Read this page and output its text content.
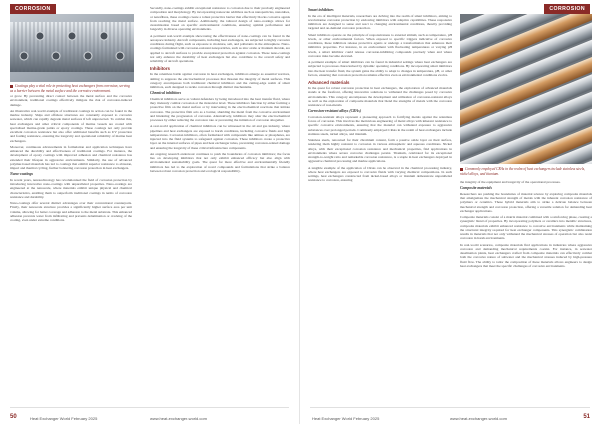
CORROSION
Coatings play a vital role in protecting heat exchangers from corrosion, serving as a barrier between the metal surface and the corrosive environment.

or grow. By preventing direct contact between the metal surface and the corrosive environment, traditional coatings effectively mitigate the risk of corrosion-induced damage.

An illustrative real-world example of traditional coatings in action can be found in the marine industry. Ships and offshore structures are constantly exposed to corrosive seawater, which can rapidly degrade metal surfaces if left unprotected. To combat this, heat exchangers and other critical components of marine vessels are coated with specialised marine-grade paints or epoxy coatings. These coatings not only provide excellent corrosion resistance but also offer additional benefits such as UV protection and fouling resistance, ensuring the longevity and operational reliability of marine heat exchangers.

Moreover, continuous advancements in formulation and application techniques have enhanced the durability and effectiveness of traditional coatings. For instance, the development of epoxy coatings with improved adhesion and chemical resistance has extended their lifespan in aggressive environments. Similarly, the use of advanced polymer-based materials has led to coatings that exhibit superior resistance to abrasion, impact and thermal cycling, further bolstering corrosion protection in heat exchangers.

Nano-coatings

In recent years, nanotechnology has revolutionised the field of corrosion protection by introducing innovative nano-coatings with unparalleled properties. Nano-coatings are engineered at the nanoscale, where materials exhibit unique physical and chemical characteristics, enabling them to outperform traditional coatings in terms of corrosion resistance and durability.

Nano-coatings offer several distinct advantages over their conventional counterparts. Firstly, their nanoscale structure provides a significantly higher surface area per unit volume, allowing for better coverage and adhesion to the metal substrate. This enhanced adhesion prevents water from infiltrating and prevents delamination or cracking of the coating, even under extreme conditions.

Secondly, nano-coatings exhibit exceptional resistance to corrosion due to their precisely engineered composition and morphology. By incorporating nanoscale additives such as nanoparticles, nanotubes, or nanofibres, these coatings create a robust protective barrier that effectively blocks corrosive agents from reaching the metal surface. Additionally, the tailored design of nano-coatings allows for customisation based on specific environmental conditions, ensuring optimal performance and longevity in diverse operating environments.

A pertinent real-world example showcasing the effectiveness of nano-coatings can be found in the aerospace industry. Aircraft components, including heat exchangers, are subjected to highly corrosive conditions during flight, such as exposure to moisture, salt, and pollutants in the atmosphere. Nano-coatings formulated with corrosion-resistant nanoparticles, such as zinc oxide or titanium dioxide, are applied to aircraft surfaces to provide exceptional protection against corrosion. These nano-coatings not only enhance the durability of heat exchangers but also contribute to the overall safety and reliability of aircraft operations.

Inhibitors

In the relentless battle against corrosion in heat exchangers, inhibitors emerge as essential warriors, aiming to suppress the electrochemical processes that threaten the integrity of metal surfaces. This category encompasses both traditional chemical inhibitors and the cutting-edge realm of smart inhibitors, each designed to tackle corrosion through distinct mechanisms.

Chemical inhibitors

Chemical inhibitors serve as valiant defenders by being introduced into the heat transfer fluid, where they tirelessly combat corrosion at the molecular level. These inhibitors function by either forming a protective film on the metal surface or by intervening in the electrochemical reactions that initiate corrosion. The protective film acts as a barrier, shielding the metal from the corrosive environment and hindering the progression of corrosion. Alternatively, inhibitors may alter the electrochemical processes by either reducing the corrosion rate or preventing the initiation of corrosion altogether.

A real-world application of chemical inhibitors can be witnessed in the oil and gas industry, where pipelines and heat exchangers are exposed to harsh conditions, including corrosive fluids and high temperatures. Corrosion inhibitors, often formulated with compounds like amines or phosphates, are injected into the fluid systems to safeguard against corrosion. These inhibitors create a protective layer on the internal surfaces of pipes and heat exchanger tubes, preventing corrosion-related damage and ensuring the longevity of these critical infrastructure components.

An ongoing research endeavour continues to push the boundaries of corrosion inhibitors; the focus lies on developing inhibitors that not only exhibit enhanced efficacy but also align with environmental sustainability goals. The quest for more effective and environmentally friendly inhibitors has led to the exploration of novel compounds and formulations that strike a balance between robust corrosion protection and ecological responsibility.

50	Heat Exchanger World February 2025	www.heat-exchanger-world.com
CORROSION
Smart inhibitors

In the era of intelligent materials, researchers are delving into the realm of smart inhibitors, aiming to revolutionise corrosion protection by endowing inhibitors with adaptive capabilities. These responsive inhibitors are designed to sense and react to changing environmental conditions, thereby providing targeted and on-demand corrosion protection.

Smart inhibitors operate on the principle of responsiveness to external stimuli, such as temperature, pH levels, or other environmental factors. When exposed to specific triggers indicative of corrosive conditions, these inhibitors release protective agents or undergo a transformation that enhances their inhibitive properties. For instance, in an environment with fluctuating temperatures or varying pH levels, a smart inhibitor could release corrosion-inhibiting compounds precisely when and where corrosion risks become elevated.

A pertinent example of smart inhibitors can be found in industrial settings where heat exchangers are subjected to processes characterised by dynamic operating conditions. By incorporating smart inhibitors into the heat transfer fluid, the system gains the ability to adapt to changes in temperature, pH, or other factors, ensuring that corrosion protection remains effective even as environmental conditions evolve.

Advanced materials

In the quest for robust corrosion protection in heat exchangers, the exploration of advanced materials stands at the forefront, offering innovative solutions to withstand the challenges posed by corrosive environments. This category encompasses the development and utilisation of corrosion-resistant alloys as well as the exploration of composite materials that blend the strengths of metals with the corrosion resistance of non-metals.

Corrosion-resistant alloys (CRAs)

Corrosion-resistant alloys represent a pioneering approach to fortifying metals against the relentless forces of corrosion. This involves the meticulous engineering of metal alloys with inherent resistance to specific corrosive environments, ensuring that the material can withstand exposure to aggressive substances over prolonged periods. Commonly employed CRAs in the realm of heat exchangers include stainless steels, nickel alloys, and titanium.

Stainless steels, renowned for their chromium content, form a passive oxide layer on their surface, rendering them highly resistant to corrosion in various atmospheric and aqueous conditions. Nickel alloys, with their exceptional corrosion resistance and mechanical properties, find applications in environments where severe corrosive challenges persist. Titanium, celebrated for its exceptional strength-to-weight ratio and remarkable corrosion resistance, is a staple in heat exchangers deployed in aggressive chemical processing and marine applications.

A tangible example of the application of CRAs can be observed in the chemical processing industry, where heat exchangers are exposed to corrosive fluids with varying chemical compositions. In such settings, heat exchangers constructed from nickel-based alloys or titanium demonstrate unparalleled resistance to corrosion, ensuring

Commonly employed CRAs in the realm of heat exchangers include stainless steels, nickel alloys, and titanium.

the integrity of the equipment and longevity of the operational processes.

Composite materials

Researchers are pushing the boundaries of material science by exploring composite materials that amalgamate the mechanical strength of metals with the inherent corrosion resistance of polymers or ceramics. These hybrid materials aim to strike a delicate balance between mechanical strength and corrosion protection, offering a versatile solution for demanding heat exchanger applications.

Composite materials consist of a matrix material combined with a reinforcing phase, creating a synergistic blend of properties. By incorporating polymers or ceramics into metallic structures, composite materials exhibit enhanced resistance to corrosive environments while maintaining the structural integrity required for heat exchanger components. This synergistic combination results in materials that not only withstand the mechanical stresses of operation but also resist corrosion in harsh environments.

In real-world scenarios, composite materials find applications in industries where aggressive corrosion and demanding mechanical requirements coexist. For instance, in seawater desalination plants, heat exchangers crafted from composite materials can effectively combat both the corrosive nature of saltwater and the mechanical stresses induced by high-pressure fluid flow. The ability to tailor the composition of these materials allows engineers to design heat exchangers that meet the specific challenges of corrosive environments.

Heat Exchanger World February 2025	www.heat-exchanger-world.com	51
